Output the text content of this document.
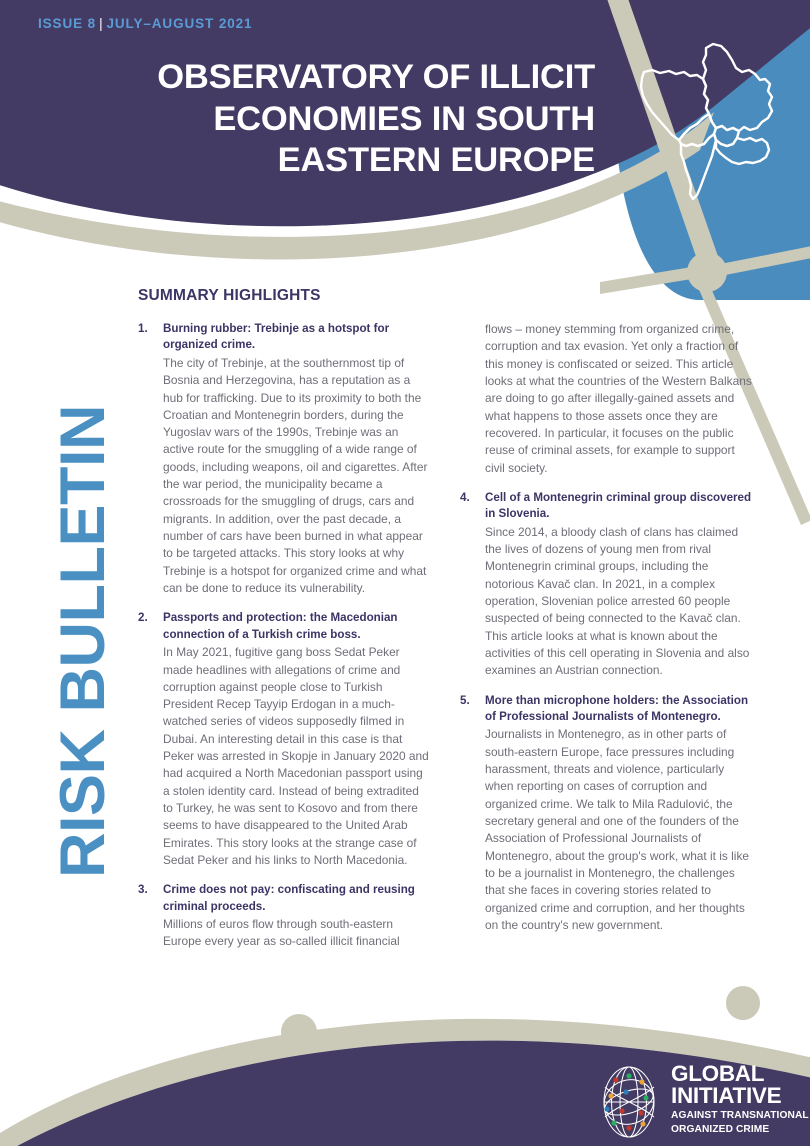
ISSUE 8 | JULY–AUGUST 2021
OBSERVATORY OF ILLICIT
ECONOMIES IN SOUTH
EASTERN EUROPE
RISK BULLETIN
SUMMARY HIGHLIGHTS
1.	Burning rubber: Trebinje as a hotspot for organized crime.

The city of Trebinje, at the southernmost tip of Bosnia and Herzegovina, has a reputation as a hub for trafficking. Due to its proximity to both the Croatian and Montenegrin borders, during the Yugoslav wars of the 1990s, Trebinje was an active route for the smuggling of a wide range of goods, including weapons, oil and cigarettes. After the war period, the municipality became a crossroads for the smuggling of drugs, cars and migrants. In addition, over the past decade, a number of cars have been burned in what appear to be targeted attacks. This story looks at why Trebinje is a hotspot for organized crime and what can be done to reduce its vulnerability.

2.	Passports and protection: the Macedonian connection of a Turkish crime boss.

In May 2021, fugitive gang boss Sedat Peker made headlines with allegations of crime and corruption against people close to Turkish President Recep Tayyip Erdogan in a much-watched series of videos supposedly filmed in Dubai. An interesting detail in this case is that Peker was arrested in Skopje in January 2020 and had acquired a North Macedonian passport using a stolen identity card. Instead of being extradited to Turkey, he was sent to Kosovo and from there seems to have disappeared to the United Arab Emirates. This story looks at the strange case of Sedat Peker and his links to North Macedonia.

3.	Crime does not pay: confiscating and reusing criminal proceeds.

Millions of euros flow through south-eastern Europe every year as so-called illicit financial

flows – money stemming from organized crime, corruption and tax evasion. Yet only a fraction of this money is confiscated or seized. This article looks at what the countries of the Western Balkans are doing to go after illegally-gained assets and what happens to those assets once they are recovered. In particular, it focuses on the public reuse of criminal assets, for example to support civil society.

4.	Cell of a Montenegrin criminal group discovered in Slovenia.

Since 2014, a bloody clash of clans has claimed the lives of dozens of young men from rival Montenegrin criminal groups, including the notorious Kavač clan. In 2021, in a complex operation, Slovenian police arrested 60 people suspected of being connected to the Kavač clan. This article looks at what is known about the activities of this cell operating in Slovenia and also examines an Austrian connection.

5.	More than microphone holders: the Association of Professional Journalists of Montenegro.

Journalists in Montenegro, as in other parts of south-eastern Europe, face pressures including harassment, threats and violence, particularly when reporting on cases of corruption and organized crime. We talk to Mila Radulović, the secretary general and one of the founders of the Association of Professional Journalists of Montenegro, about the group's work, what it is like to be a journalist in Montenegro, the challenges that she faces in covering stories related to organized crime and corruption, and her thoughts on the country's new government.

GLOBAL
INITIATIVE
AGAINST TRANSNATIONAL
ORGANIZED CRIME
